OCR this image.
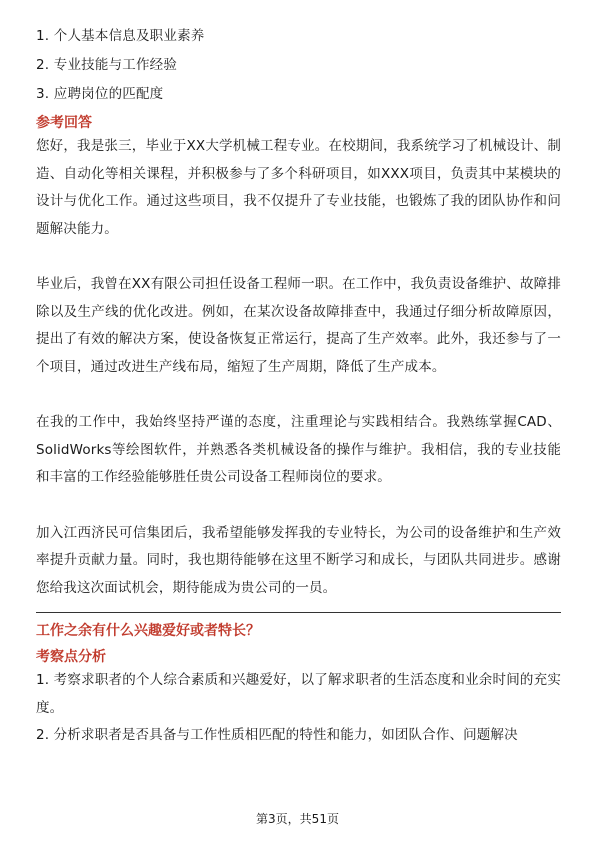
1. 个人基本信息及职业素养

2. 专业技能与工作经验

3. 应聘岗位的匹配度

参考回答

您好，我是张三，毕业于XX大学机械工程专业。在校期间，我系统学习了机械设计、制造、自动化等相关课程，并积极参与了多个科研项目，如XXX项目，负责其中某模块的设计与优化工作。通过这些项目，我不仅提升了专业技能，也锻炼了我的团队协作和问题解决能力。

毕业后，我曾在XX有限公司担任设备工程师一职。在工作中，我负责设备维护、故障排除以及生产线的优化改进。例如，在某次设备故障排查中，我通过仔细分析故障原因，提出了有效的解决方案，使设备恢复正常运行，提高了生产效率。此外，我还参与了一个项目，通过改进生产线布局，缩短了生产周期，降低了生产成本。

在我的工作中，我始终坚持严谨的态度，注重理论与实践相结合。我熟练掌握CAD、SolidWorks等绘图软件，并熟悉各类机械设备的操作与维护。我相信，我的专业技能和丰富的工作经验能够胜任贵公司设备工程师岗位的要求。

加入江西济民可信集团后，我希望能够发挥我的专业特长，为公司的设备维护和生产效率提升贡献力量。同时，我也期待能够在这里不断学习和成长，与团队共同进步。感谢您给我这次面试机会，期待能成为贵公司的一员。

工作之余有什么兴趣爱好或者特长？

考察点分析

1. 考察求职者的个人综合素质和兴趣爱好，以了解求职者的生活态度和业余时间的充实度。

2. 分析求职者是否具备与工作性质相匹配的特性和能力，如团队合作、问题解决

第3页，共51页
